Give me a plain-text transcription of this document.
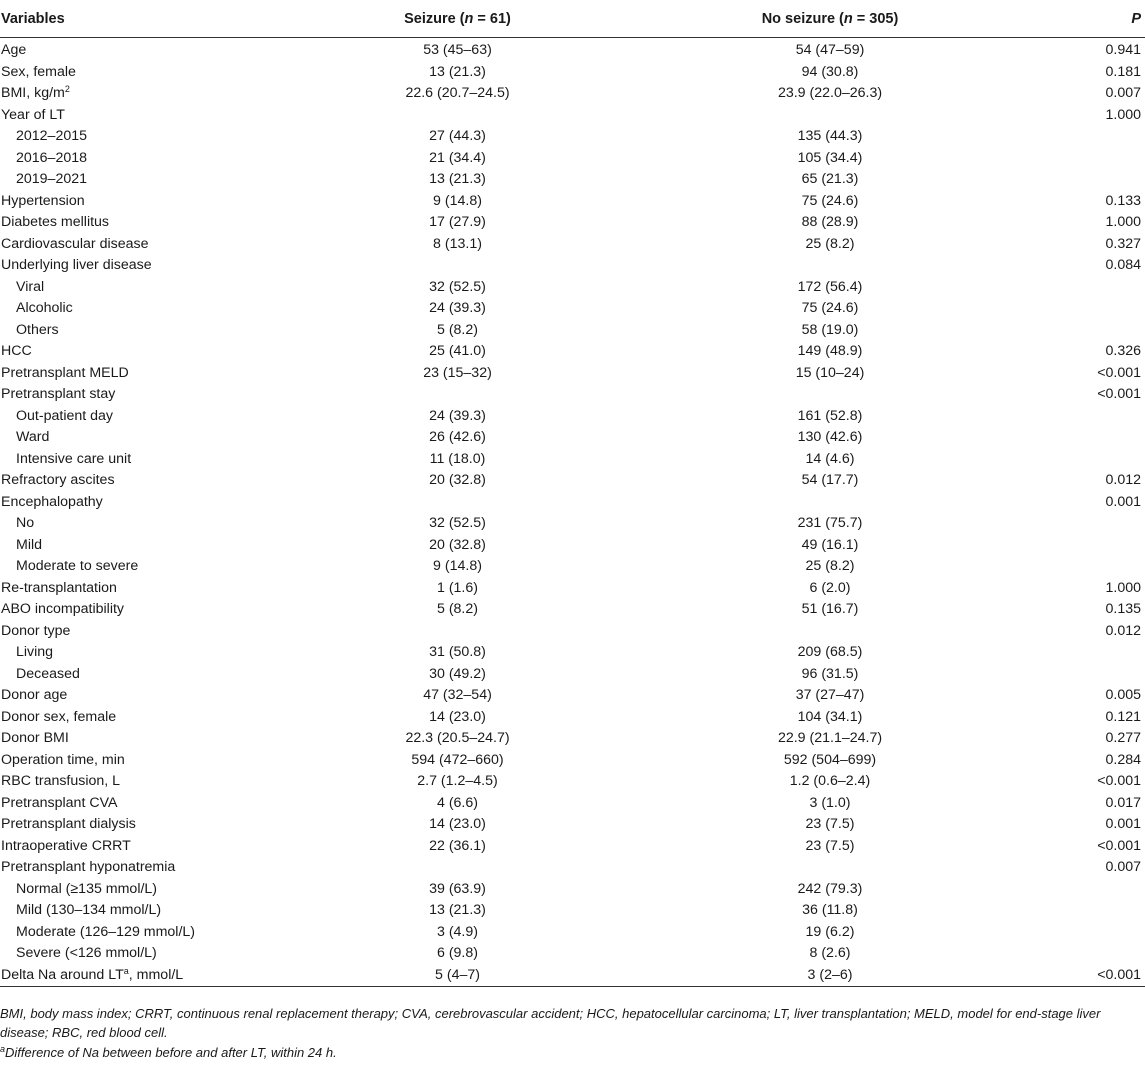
Variables	Seizure (n = 61)	No seizure (n = 305)	P
Age	53 (45–63)	54 (47–59)	0.941
Sex, female	13 (21.3)	94 (30.8)	0.181
BMI, $kg/m^2$	22.6 (20.7–24.5)	23.9 (22.0–26.3)	0.007
Year of LT			1.000
2012–2015	27 (44.3)	135 (44.3)	
2016–2018	21 (34.4)	105 (34.4)	
2019–2021	13 (21.3)	65 (21.3)	
Hypertension	9 (14.8)	75 (24.6)	0.133
Diabetes mellitus	17 (27.9)	88 (28.9)	1.000
Cardiovascular disease	8 (13.1)	25 (8.2)	0.327
Underlying liver disease			0.084
Viral	32 (52.5)	172 (56.4)	
Alcoholic	24 (39.3)	75 (24.6)	
Others	5 (8.2)	58 (19.0)	
HCC	25 (41.0)	149 (48.9)	0.326
Pretransplant MELD	23 (15–32)	15 (10–24)	<0.001
Pretransplant stay			<0.001
Out-patient day	24 (39.3)	161 (52.8)	
Ward	26 (42.6)	130 (42.6)	
Intensive care unit	11 (18.0)	14 (4.6)	
Refractory ascites	20 (32.8)	54 (17.7)	0.012
Encephalopathy			0.001
No	32 (52.5)	231 (75.7)	
Mild	20 (32.8)	49 (16.1)	
Moderate to severe	9 (14.8)	25 (8.2)	
Re-transplantation	1 (1.6)	6 (2.0)	1.000
ABO incompatibility	5 (8.2)	51 (16.7)	0.135
Donor type			0.012
Living	31 (50.8)	209 (68.5)	
Deceased	30 (49.2)	96 (31.5)	
Donor age	47 (32–54)	37 (27–47)	0.005
Donor sex, female	14 (23.0)	104 (34.1)	0.121
Donor BMI	22.3 (20.5–24.7)	22.9 (21.1–24.7)	0.277
Operation time, min	594 (472–660)	592 (504–699)	0.284
RBC transfusion, L	2.7 (1.2–4.5)	1.2 (0.6–2.4)	<0.001
Pretransplant CVA	4 (6.6)	3 (1.0)	0.017
Pretransplant dialysis	14 (23.0)	23 (7.5)	0.001
Intraoperative CRRT	22 (36.1)	23 (7.5)	<0.001
Pretransplant hyponatremia			0.007
Normal (≥135 mmol/L)	39 (63.9)	242 (79.3)	
Mild (130–134 mmol/L)	13 (21.3)	36 (11.8)	
Moderate (126–129 mmol/L)	3 (4.9)	19 (6.2)	
Severe (<126 mmol/L)	6 (9.8)	8 (2.6)	
Delta Na around $LT^a$, mmol/L	5 (4–7)	3 (2–6)	<0.001

BMI, body mass index; CRRT, continuous renal replacement therapy; CVA, cerebrovascular accident; HCC, hepatocellular carcinoma; LT, liver transplantation; MELD, model for end-stage liver disease; RBC, red blood cell.

$^a$Difference of Na between before and after LT, within 24 h.
